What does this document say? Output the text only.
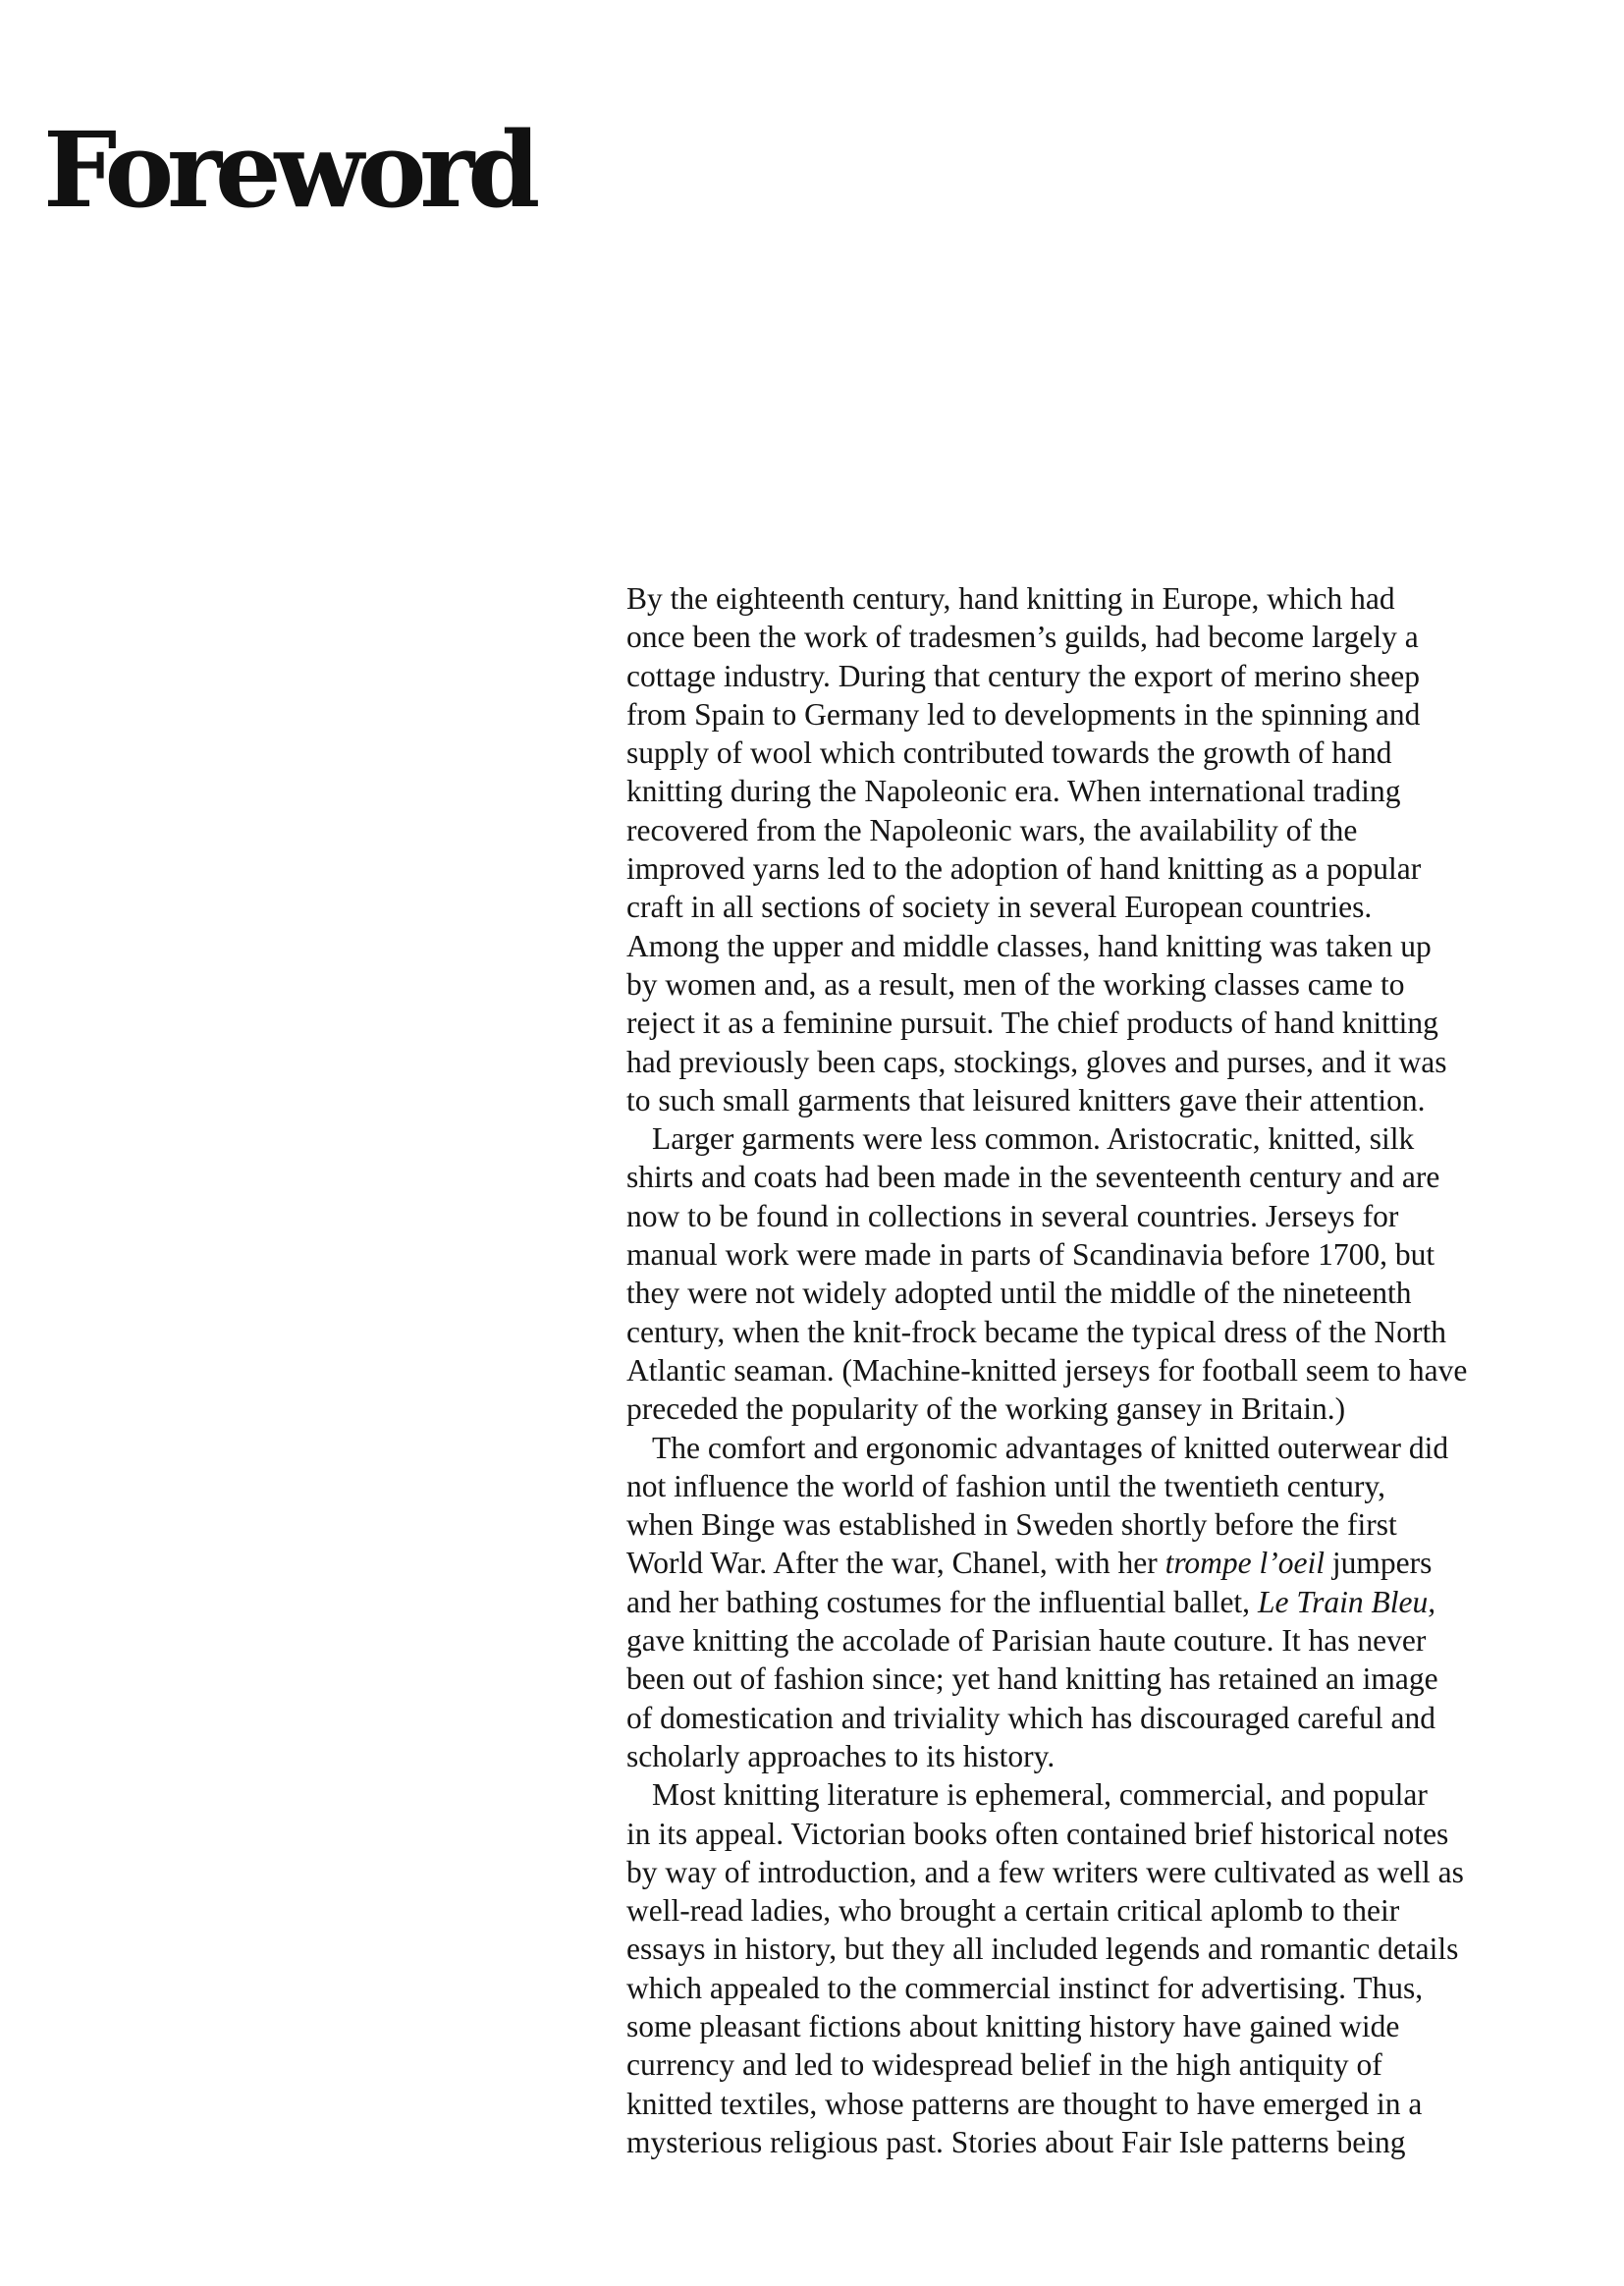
Foreword

By the eighteenth century, hand knitting in Europe, which had
once been the work of tradesmen’s guilds, had become largely a
cottage industry. During that century the export of merino sheep
from Spain to Germany led to developments in the spinning and
supply of wool which contributed towards the growth of hand
knitting during the Napoleonic era. When international trading
recovered from the Napoleonic wars, the availability of the
improved yarns led to the adoption of hand knitting as a popular
craft in all sections of society in several European countries.
Among the upper and middle classes, hand knitting was taken up
by women and, as a result, men of the working classes came to
reject it as a feminine pursuit. The chief products of hand knitting
had previously been caps, stockings, gloves and purses, and it was
to such small garments that leisured knitters gave their attention.

Larger garments were less common. Aristocratic, knitted, silk
shirts and coats had been made in the seventeenth century and are
now to be found in collections in several countries. Jerseys for
manual work were made in parts of Scandinavia before 1700, but
they were not widely adopted until the middle of the nineteenth
century, when the knit-frock became the typical dress of the North
Atlantic seaman. (Machine-knitted jerseys for football seem to have
preceded the popularity of the working gansey in Britain.)

The comfort and ergonomic advantages of knitted outerwear did
not influence the world of fashion until the twentieth century,
when Binge was established in Sweden shortly before the first
World War. After the war, Chanel, with her trompe l’oeil jumpers
and her bathing costumes for the influential ballet, Le Train Bleu,
gave knitting the accolade of Parisian haute couture. It has never
been out of fashion since; yet hand knitting has retained an image
of domestication and triviality which has discouraged careful and
scholarly approaches to its history.

Most knitting literature is ephemeral, commercial, and popular
in its appeal. Victorian books often contained brief historical notes
by way of introduction, and a few writers were cultivated as well as
well-read ladies, who brought a certain critical aplomb to their
essays in history, but they all included legends and romantic details
which appealed to the commercial instinct for advertising. Thus,
some pleasant fictions about knitting history have gained wide
currency and led to widespread belief in the high antiquity of
knitted textiles, whose patterns are thought to have emerged in a
mysterious religious past. Stories about Fair Isle patterns being
